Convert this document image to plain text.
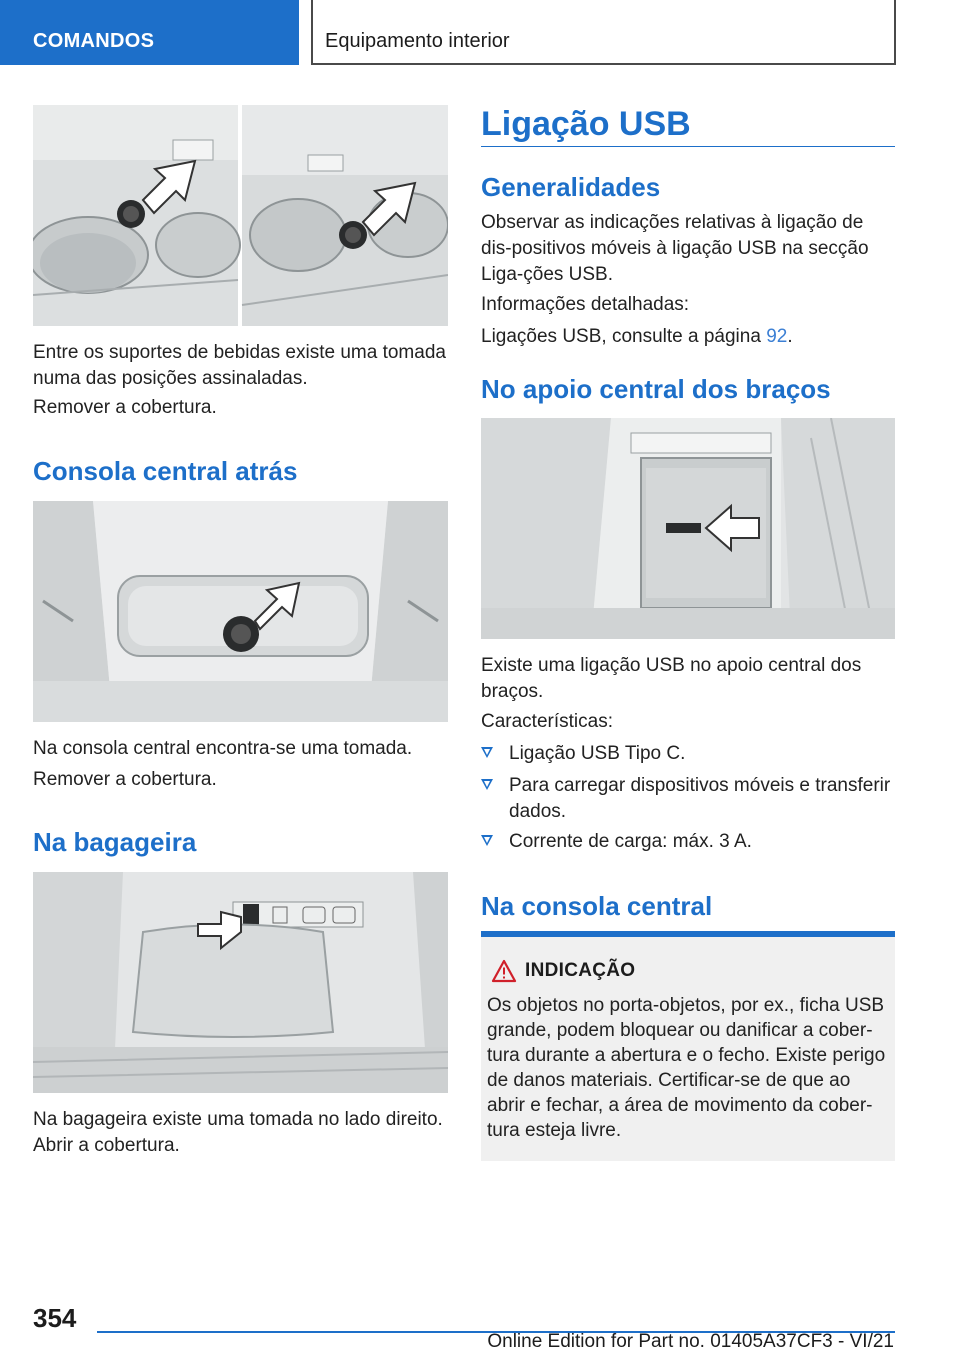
COMANDOS	Equipamento interior

Entre os suportes de bebidas existe uma tomada numa das posições assinaladas.

Remover a cobertura.

Consola central atrás

Na consola central encontra-se uma tomada.

Remover a cobertura.

Na bagageira

Na bagageira existe uma tomada no lado direito.

Abrir a cobertura.

Ligação USB
Generalidades

Observar as indicações relativas à ligação de dis-positivos móveis à ligação USB na secção Liga-ções USB.

Informações detalhadas:

Ligações USB, consulte a página 92.

No apoio central dos braços

Existe uma ligação USB no apoio central dos braços.

Características:

Ligação USB Tipo C.
Para carregar dispositivos móveis e transferir dados.
Corrente de carga: máx. 3 A.
Na consola central
INDICAÇÃO
Os objetos no porta-objetos, por ex., ficha USB grande, podem bloquear ou danificar a cober-tura durante a abertura e o fecho. Existe perigo de danos materiais. Certificar-se de que ao abrir e fechar, a área de movimento da cober-tura esteja livre.
354
Online Edition for Part no. 01405A37CF3 - VI/21
